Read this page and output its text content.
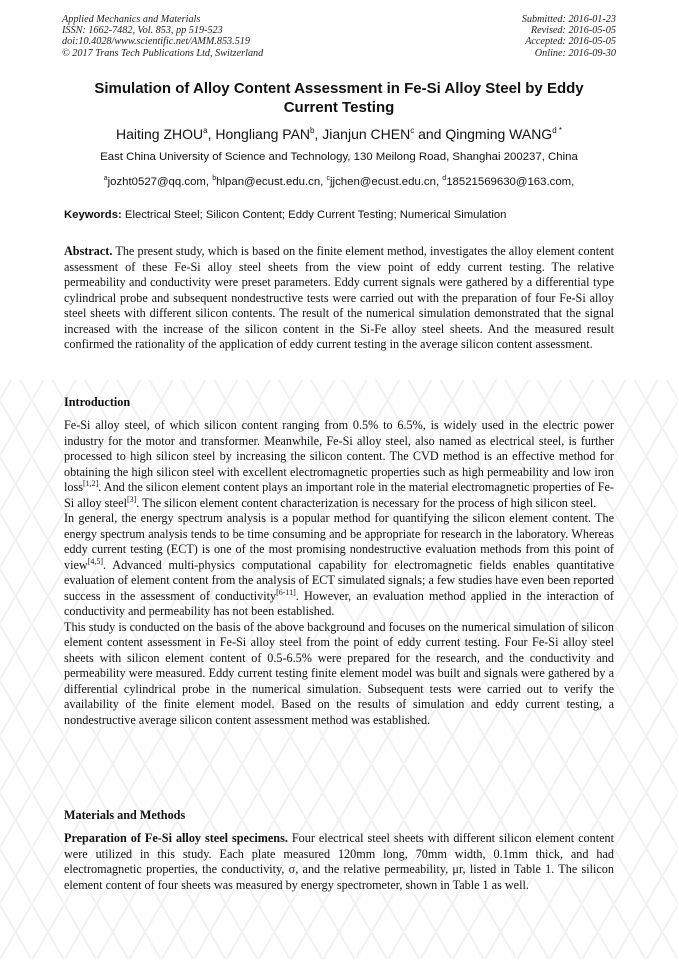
Applied Mechanics and Materials
ISSN: 1662-7482, Vol. 853, pp 519-523
doi:10.4028/www.scientific.net/AMM.853.519
© 2017 Trans Tech Publications Ltd, Switzerland
Submitted: 2016-01-23
Revised: 2016-05-05
Accepted: 2016-05-05
Online: 2016-09-30
Simulation of Alloy Content Assessment in Fe-Si Alloy Steel by Eddy Current Testing
Haiting ZHOU$^a$, Hongliang PAN$^b$, Jianjun CHEN$^c$ and Qingming $WANG^{d *}$
East China University of Science and Technology, 130 Meilong Road, Shanghai 200237, China
$^a$jozht0527@qq.com, $^b$hlpan@ecust.edu.cn, $^c$jjchen@ecust.edu.cn, $^d$18521569630@163.com,
Keywords: Electrical Steel; Silicon Content; Eddy Current Testing; Numerical Simulation

Abstract. The present study, which is based on the finite element method, investigates the alloy element content assessment of these Fe-Si alloy steel sheets from the view point of eddy current testing. The relative permeability and conductivity were preset parameters. Eddy current signals were gathered by a differential type cylindrical probe and subsequent nondestructive tests were carried out with the preparation of four Fe-Si alloy steel sheets with different silicon contents. The result of the numerical simulation demonstrated that the signal increased with the increase of the silicon content in the Si-Fe alloy steel sheets. And the measured result confirmed the rationality of the application of eddy current testing in the average silicon content assessment.

Introduction

Fe-Si alloy steel, of which silicon content ranging from 0.5% to 6.5%, is widely used in the electric power industry for the motor and transformer. Meanwhile, Fe-Si alloy steel, also named as electrical steel, is further processed to high silicon steel by increasing the silicon content. The CVD method is an effective method for obtaining the high silicon steel with excellent electromagnetic properties such as high permeability and low iron loss[1,2]. And the silicon element content plays an important role in the material electromagnetic properties of Fe-Si alloy steel[3]. The silicon element content characterization is necessary for the process of high silicon steel.

In general, the energy spectrum analysis is a popular method for quantifying the silicon element content. The energy spectrum analysis tends to be time consuming and be appropriate for research in the laboratory. Whereas eddy current testing (ECT) is one of the most promising nondestructive evaluation methods from this point of view[4,5]. Advanced multi-physics computational capability for electromagnetic fields enables quantitative evaluation of element content from the analysis of ECT simulated signals; a few studies have even been reported success in the assessment of conductivity[6-11]. However, an evaluation method applied in the interaction of conductivity and permeability has not been established.

This study is conducted on the basis of the above background and focuses on the numerical simulation of silicon element content assessment in Fe-Si alloy steel from the point of eddy current testing. Four Fe-Si alloy steel sheets with silicon element content of 0.5-6.5% were prepared for the research, and the conductivity and permeability were measured. Eddy current testing finite element model was built and signals were gathered by a differential cylindrical probe in the numerical simulation. Subsequent tests were carried out to verify the availability of the finite element model. Based on the results of simulation and eddy current testing, a nondestructive average silicon content assessment method was established.

Materials and Methods

Preparation of Fe-Si alloy steel specimens. Four electrical steel sheets with different silicon element content were utilized in this study. Each plate measured 120mm long, 70mm width, 0.1mm thick, and had electromagnetic properties, the conductivity, σ, and the relative permeability, μr, listed in Table 1. The silicon element content of four sheets was measured by energy spectrometer, shown in Table 1 as well.
